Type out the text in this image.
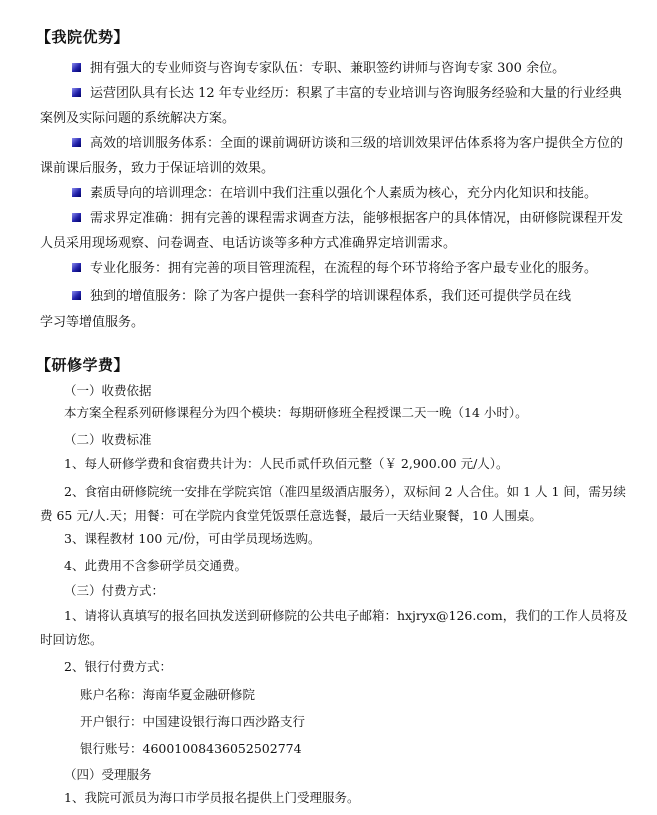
【我院优势】
拥有强大的专业师资与咨询专家队伍：专职、兼职签约讲师与咨询专家 300 余位。
运营团队具有长达 12 年专业经历：积累了丰富的专业培训与咨询服务经验和大量的行业经典案例及实际问题的系统解决方案。
高效的培训服务体系：全面的课前调研访谈和三级的培训效果评估体系将为客户提供全方位的课前课后服务，致力于保证培训的效果。
素质导向的培训理念：在培训中我们注重以强化个人素质为核心，充分内化知识和技能。
需求界定准确：拥有完善的课程需求调查方法，能够根据客户的具体情况，由研修院课程开发人员采用现场观察、问卷调查、电话访谈等多种方式准确界定培训需求。
专业化服务：拥有完善的项目管理流程，在流程的每个环节将给予客户最专业化的服务。
独到的增值服务：除了为客户提供一套科学的培训课程体系，我们还可提供学员在线
学习等增值服务。
【研修学费】
（一）收费依据
本方案全程系列研修课程分为四个模块：每期研修班全程授课二天一晚（14 小时）。
（二）收费标准
1、每人研修学费和食宿费共计为：人民币贰仟玖佰元整（￥ 2,900.00 元/人）。
2、食宿由研修院统一安排在学院宾馆（准四星级酒店服务），双标间 2 人合住。如 1 人 1 间，需另续费 65 元/人.天；用餐：可在学院内食堂凭饭票任意选餐，最后一天结业聚餐，10 人围桌。
3、课程教材 100 元/份，可由学员现场选购。
4、此费用不含参研学员交通费。
（三）付费方式：
1、请将认真填写的报名回执发送到研修院的公共电子邮箱：hxjryx@126.com，我们的工作人员将及时回访您。
2、银行付费方式：
账户名称：海南华夏金融研修院
开户银行：中国建设银行海口西沙路支行
银行账号：46001008436052502774
（四）受理服务
1、我院可派员为海口市学员报名提供上门受理服务。
